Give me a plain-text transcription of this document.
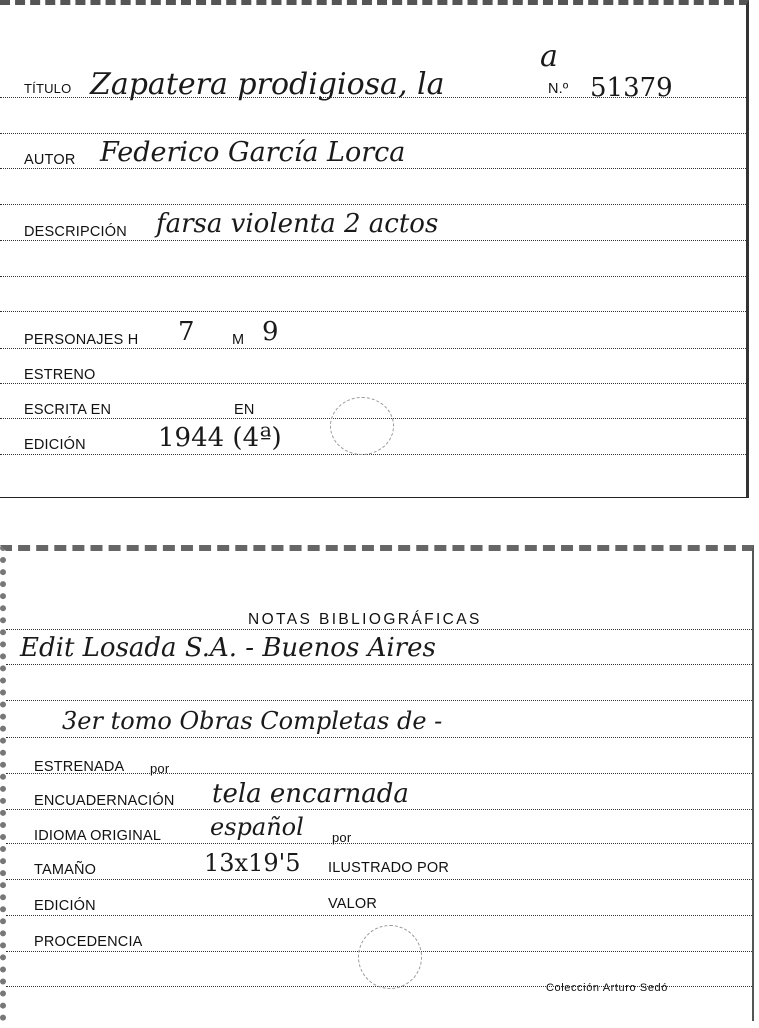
TÍTULO Zapatera prodigiosa, la
a
N.º 51379
AUTOR Federico García Lorca
DESCRIPCIÓN farsa violenta 2 actos
PERSONAJES H 7	M 9
ESTRENO
ESCRITA EN	EN
EDICIÓN	1944 (4ª)
NOTAS BIBLIOGRÁFICAS
Edit Losada S.A. - Buenos Aires
3er tomo Obras Completas de -
ESTRENADA por
ENCUADERNACIÓN tela encarnada
IDIOMA ORIGINAL español por
TAMAÑO	13x19'5 ILUSTRADO POR
EDICIÓN	VALOR
PROCEDENCIA
Colección Arturo Sedó
